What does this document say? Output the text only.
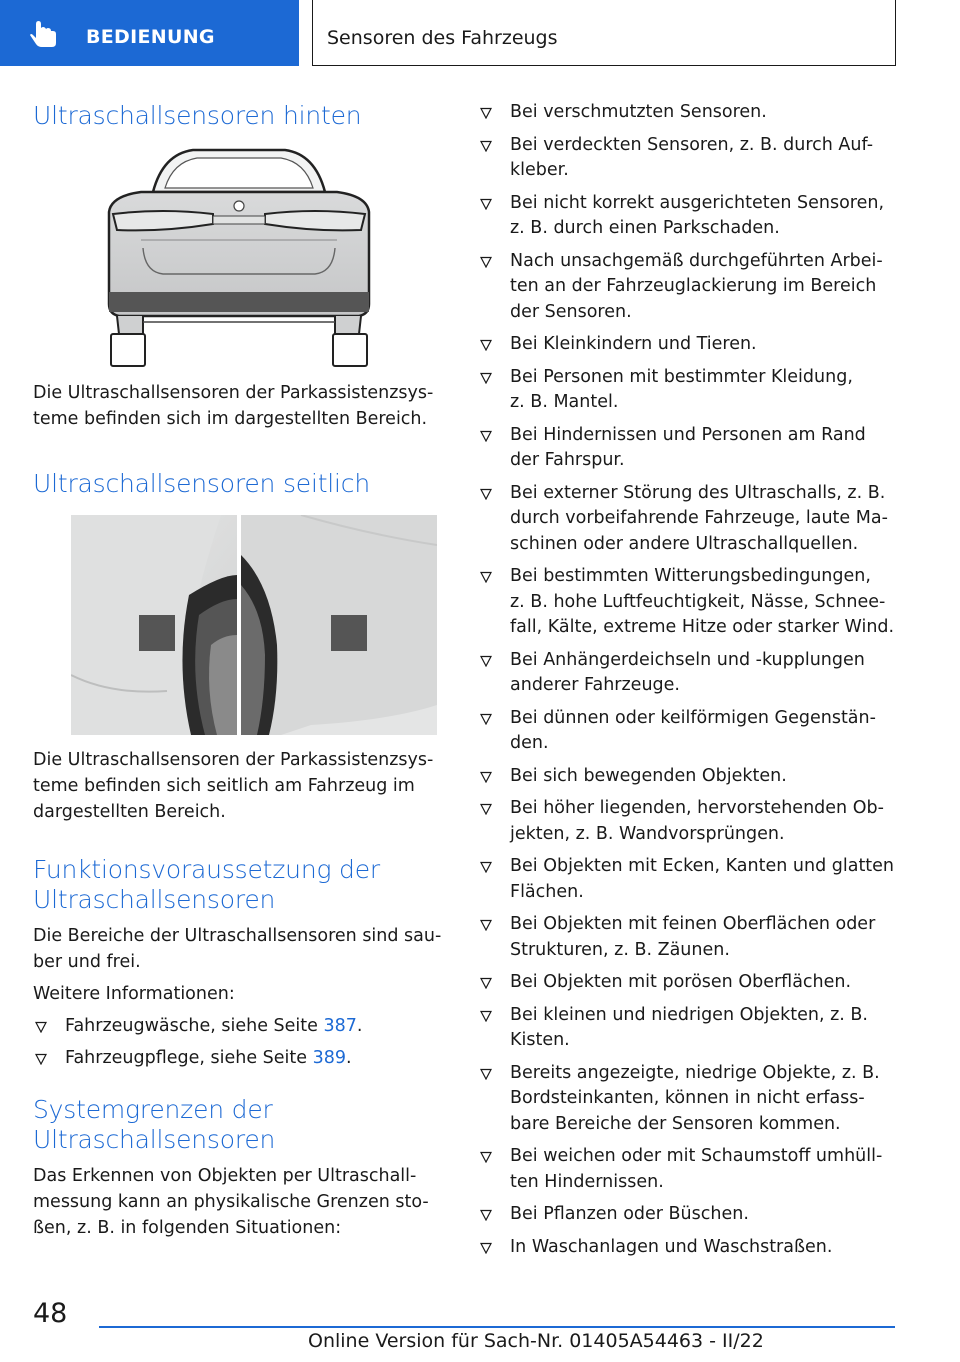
BEDIENUNG	Sensoren des Fahrzeugs
Ultraschallsensoren hinten

Die Ultraschallsensoren der Parkassistenzsys-

teme befinden sich im dargestellten Bereich.

Ultraschallsensoren seitlich

Die Ultraschallsensoren der Parkassistenzsys-

teme befinden sich seitlich am Fahrzeug im

dargestellten Bereich.

Funktionsvoraussetzung der
Ultraschallsensoren

Die Bereiche der Ultraschallsensoren sind sau-

ber und frei.

Weitere Informationen:

Fahrzeugwäsche, siehe Seite 387.
Fahrzeugpflege, siehe Seite 389.
Systemgrenzen der
Ultraschallsensoren

Das Erkennen von Objekten per Ultraschall-

messung kann an physikalische Grenzen sto-

ßen, z. B. in folgenden Situationen:

Bei verschmutzten Sensoren.
Bei verdeckten Sensoren, z. B. durch Auf-
kleber.
Bei nicht korrekt ausgerichteten Sensoren,
z. B. durch einen Parkschaden.
Nach unsachgemäß durchgeführten Arbei-
ten an der Fahrzeuglackierung im Bereich
der Sensoren.
Bei Kleinkindern und Tieren.
Bei Personen mit bestimmter Kleidung,
z. B. Mantel.
Bei Hindernissen und Personen am Rand
der Fahrspur.
Bei externer Störung des Ultraschalls, z. B.
durch vorbeifahrende Fahrzeuge, laute Ma-
schinen oder andere Ultraschallquellen.
Bei bestimmten Witterungsbedingungen,
z. B. hohe Luftfeuchtigkeit, Nässe, Schnee-
fall, Kälte, extreme Hitze oder starker Wind.
Bei Anhängerdeichseln und -kupplungen
anderer Fahrzeuge.
Bei dünnen oder keilförmigen Gegenstän-
den.
Bei sich bewegenden Objekten.
Bei höher liegenden, hervorstehenden Ob-
jekten, z. B. Wandvorsprüngen.
Bei Objekten mit Ecken, Kanten und glatten
Flächen.
Bei Objekten mit feinen Oberflächen oder
Strukturen, z. B. Zäunen.
Bei Objekten mit porösen Oberflächen.
Bei kleinen und niedrigen Objekten, z. B.
Kisten.
Bereits angezeigte, niedrige Objekte, z. B.
Bordsteinkanten, können in nicht erfass-
bare Bereiche der Sensoren kommen.
Bei weichen oder mit Schaumstoff umhüll-
ten Hindernissen.
Bei Pflanzen oder Büschen.
In Waschanlagen und Waschstraßen.
48
Online Version für Sach-Nr. 01405A54463 - II/22
